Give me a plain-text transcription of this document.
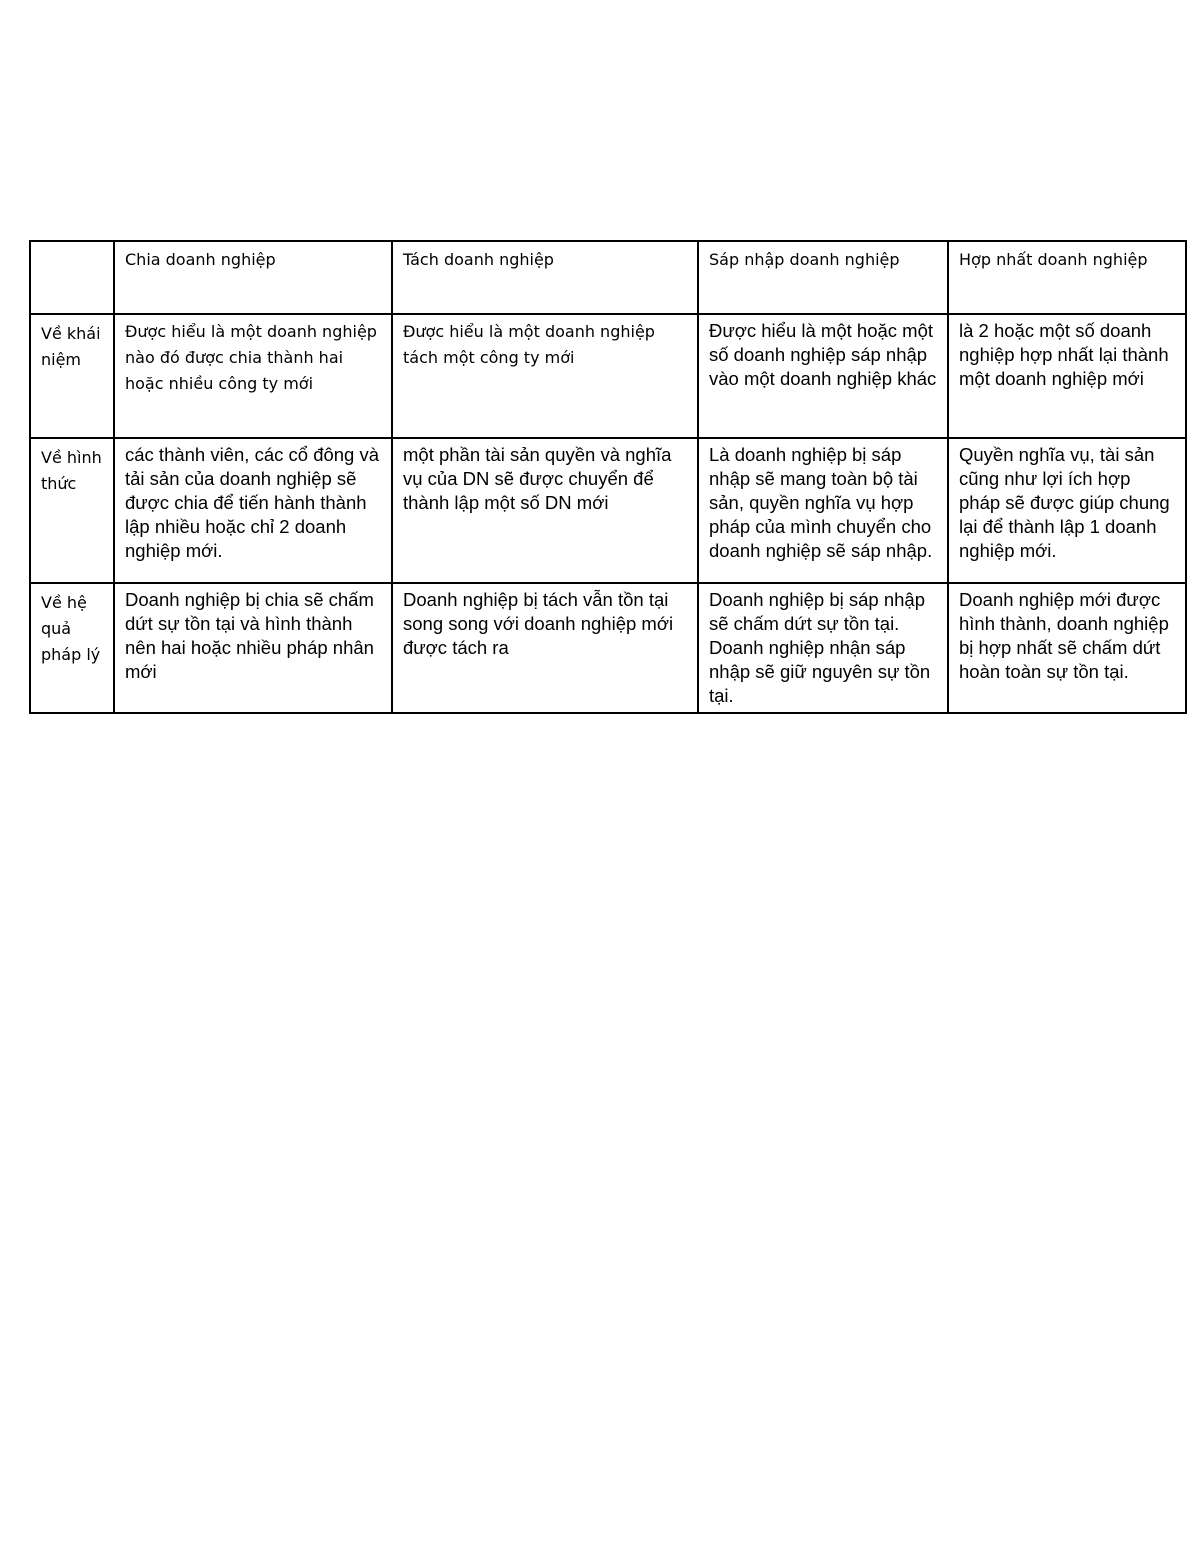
	Chia doanh nghiệp	Tách doanh nghiệp	Sáp nhập doanh nghiệp	Hợp nhất doanh nghiệp
Về khái niệm	Được hiểu là một doanh nghiệp nào đó được chia thành hai hoặc nhiều công ty mới	Được hiểu là một doanh nghiệp tách một công ty mới	Được hiểu là một hoặc một số doanh nghiệp sáp nhập vào một doanh nghiệp khác	là 2 hoặc một số doanh nghiệp hợp nhất lại thành một doanh nghiệp mới
Về hình thức	các thành viên, các cổ đông và tải sản của doanh nghiệp sẽ được chia để tiến hành thành lập nhiều hoặc chỉ 2 doanh nghiệp mới.	một phần tài sản quyền và nghĩa vụ của DN sẽ được chuyển để thành lập một số DN mới	Là doanh nghiệp bị sáp nhập sẽ mang toàn bộ tài sản, quyền nghĩa vụ hợp pháp của mình chuyển cho doanh nghiệp sẽ sáp nhập.	Quyền nghĩa vụ, tài sản cũng như lợi ích hợp pháp sẽ được giúp chung lại để thành lập 1 doanh nghiệp mới.
Về hệ quả pháp lý	Doanh nghiệp bị chia sẽ chấm dứt sự tồn tại và hình thành nên hai hoặc nhiều pháp nhân mới	Doanh nghiệp bị tách vẫn tồn tại song song với doanh nghiệp mới được tách ra	Doanh nghiệp bị sáp nhập sẽ chấm dứt sự tồn tại. Doanh nghiệp nhận sáp nhập sẽ giữ nguyên sự tồn tại.	Doanh nghiệp mới được hình thành, doanh nghiệp bị hợp nhất sẽ chấm dứt hoàn toàn sự tồn tại.
